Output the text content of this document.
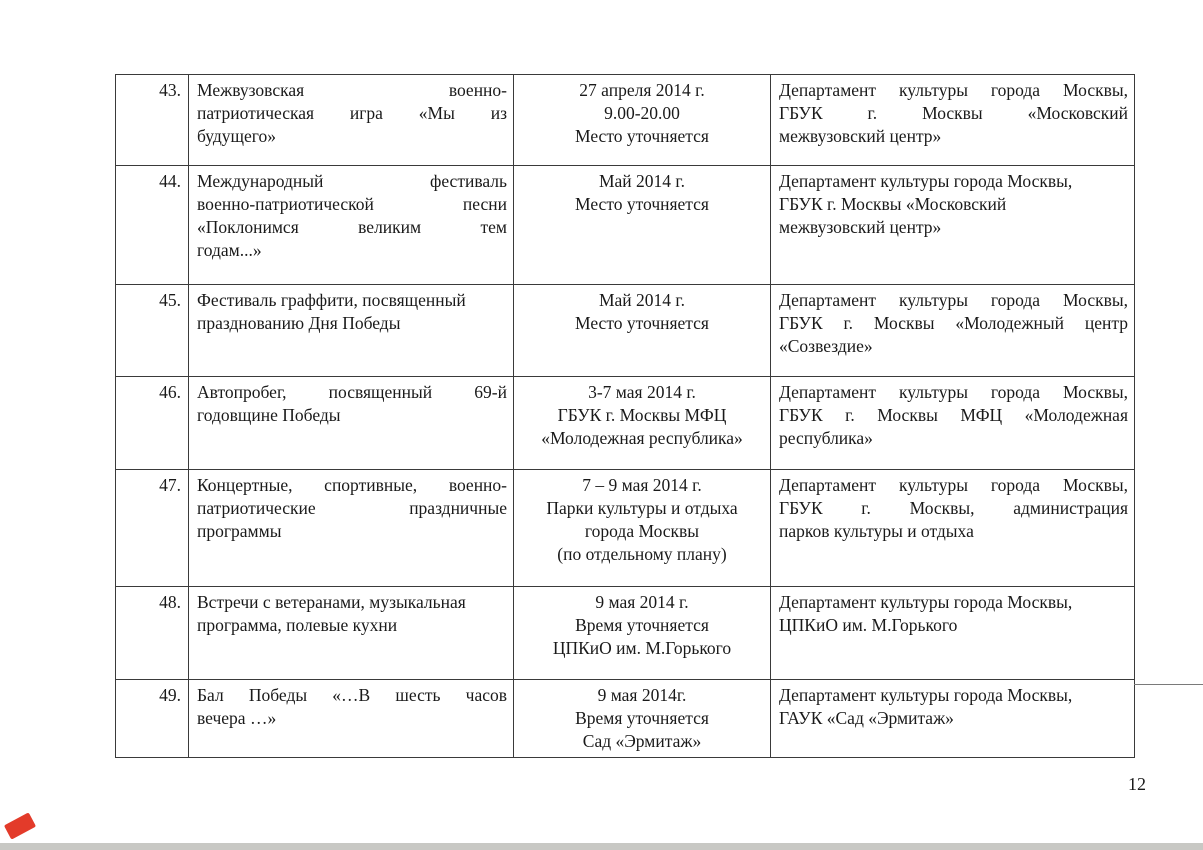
43.	Межвузовская военно-
патриотическая игра «Мы из
будущего»	27 апреля 2014 г.
9.00-20.00
Место уточняется	Департамент культуры города Москвы,
ГБУК г. Москвы «Московский
межвузовский центр»

44.	Международный фестиваль
военно-патриотической песни
«Поклонимся великим тем
годам...»	Май 2014 г.
Место уточняется	Департамент культуры города Москвы,
ГБУК г. Москвы «Московский
межвузовский центр»

45.	Фестиваль граффити, посвященный
празднованию Дня Победы	Май 2014 г.
Место уточняется	Департамент культуры города Москвы,
ГБУК г. Москвы «Молодежный центр
«Созвездие»

46.	Автопробег, посвященный 69-й
годовщине Победы	3-7 мая 2014 г.
ГБУК г. Москвы МФЦ
«Молодежная республика»	Департамент культуры города Москвы,
ГБУК г. Москвы МФЦ «Молодежная
республика»

47.	Концертные, спортивные, военно-
патриотические праздничные
программы	7 – 9 мая 2014 г.
Парки культуры и отдыха
города Москвы
(по отдельному плану)	Департамент культуры города Москвы,
ГБУК г. Москвы, администрация
парков культуры и отдыха

48.	Встречи с ветеранами, музыкальная
программа, полевые кухни	9 мая 2014 г.
Время уточняется
ЦПКиО им. М.Горького	Департамент культуры города Москвы,
ЦПКиО им. М.Горького

49.	Бал Победы «…В шесть часов
вечера …»	9 мая 2014г.
Время уточняется
Сад «Эрмитаж»	Департамент культуры города Москвы,
ГАУК «Сад «Эрмитаж»
12
